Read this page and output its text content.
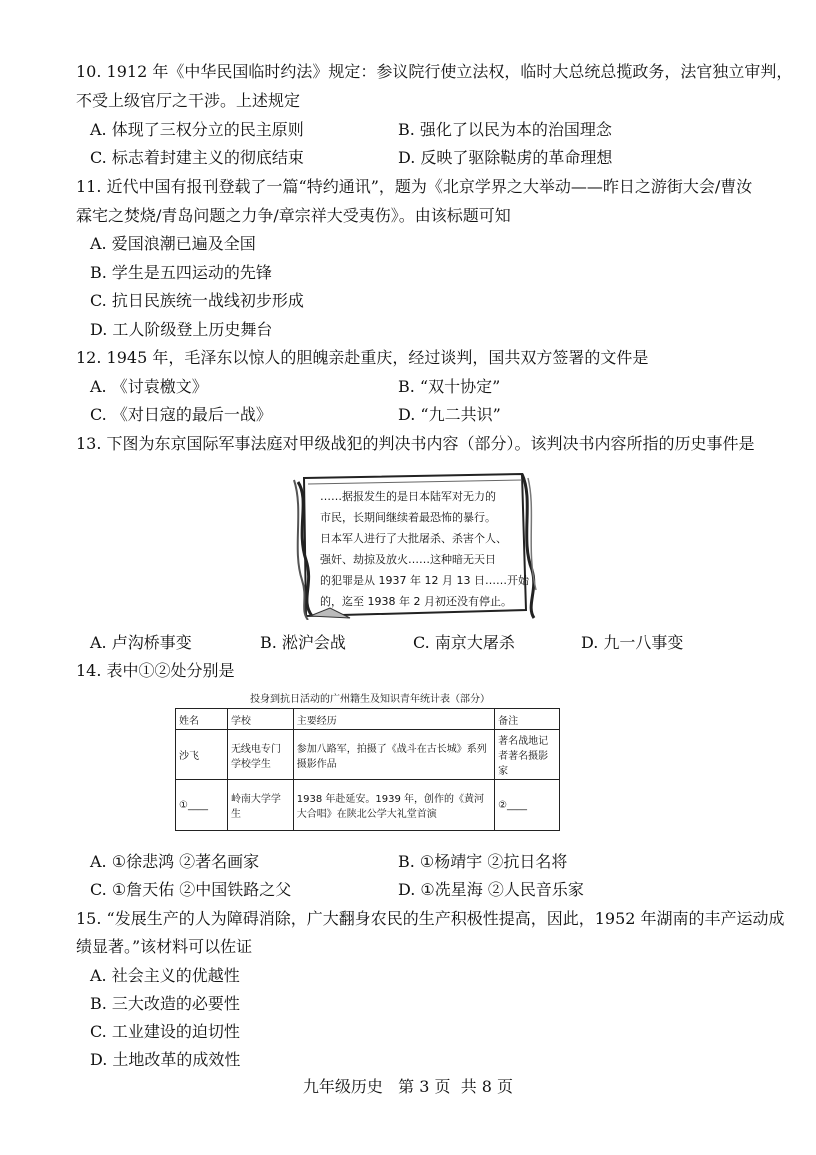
10. 1912 年《中华民国临时约法》规定：参议院行使立法权，临时大总统总揽政务，法官独立审判，
不受上级官厅之干涉。上述规定
A. 体现了三权分立的民主原则	B. 强化了以民为本的治国理念
C. 标志着封建主义的彻底结束	D. 反映了驱除鞑虏的革命理想
11. 近代中国有报刊登载了一篇“特约通讯”，题为《北京学界之大举动——昨日之游街大会/曹汝
霖宅之焚烧/青岛问题之力争/章宗祥大受夷伤》。由该标题可知
A. 爱国浪潮已遍及全国
B. 学生是五四运动的先锋
C. 抗日民族统一战线初步形成
D. 工人阶级登上历史舞台
12. 1945 年，毛泽东以惊人的胆魄亲赴重庆，经过谈判，国共双方签署的文件是
A. 《讨袁檄文》	B. “双十协定”
C. 《对日寇的最后一战》	D. “九二共识”
13. 下图为东京国际军事法庭对甲级战犯的判决书内容（部分）。该判决书内容所指的历史事件是
……据报发生的是日本陆军对无力的
市民，长期间继续着最恐怖的暴行。
日本军人进行了大批屠杀、杀害个人、
强奸、劫掠及放火……这种暗无天日
的犯罪是从 1937 年 12 月 13 日……开始
的，迄至 1938 年 2 月初还没有停止。
A. 卢沟桥事变	B. 淞沪会战	C. 南京大屠杀	D. 九一八事变
14. 表中①②处分别是
投身到抗日活动的广州籍生及知识青年统计表（部分）
姓名	学校	主要经历	备注
沙飞	无线电专门学校学生	参加八路军，拍摄了《战斗在古长城》系列摄影作品	著名战地记者著名摄影家
①____	岭南大学学生	1938 年赴延安。1939 年，创作的《黄河大合唱》在陕北公学大礼堂首演	②____
A. ①徐悲鸿 ②著名画家	B. ①杨靖宇 ②抗日名将
C. ①詹天佑 ②中国铁路之父	D. ①冼星海 ②人民音乐家
15. “发展生产的人为障碍消除，广大翻身农民的生产积极性提高，因此，1952 年湖南的丰产运动成
绩显著。”该材料可以佐证
A. 社会主义的优越性
B. 三大改造的必要性
C. 工业建设的迫切性
D. 土地改革的成效性
九年级历史   第 3 页  共 8 页
